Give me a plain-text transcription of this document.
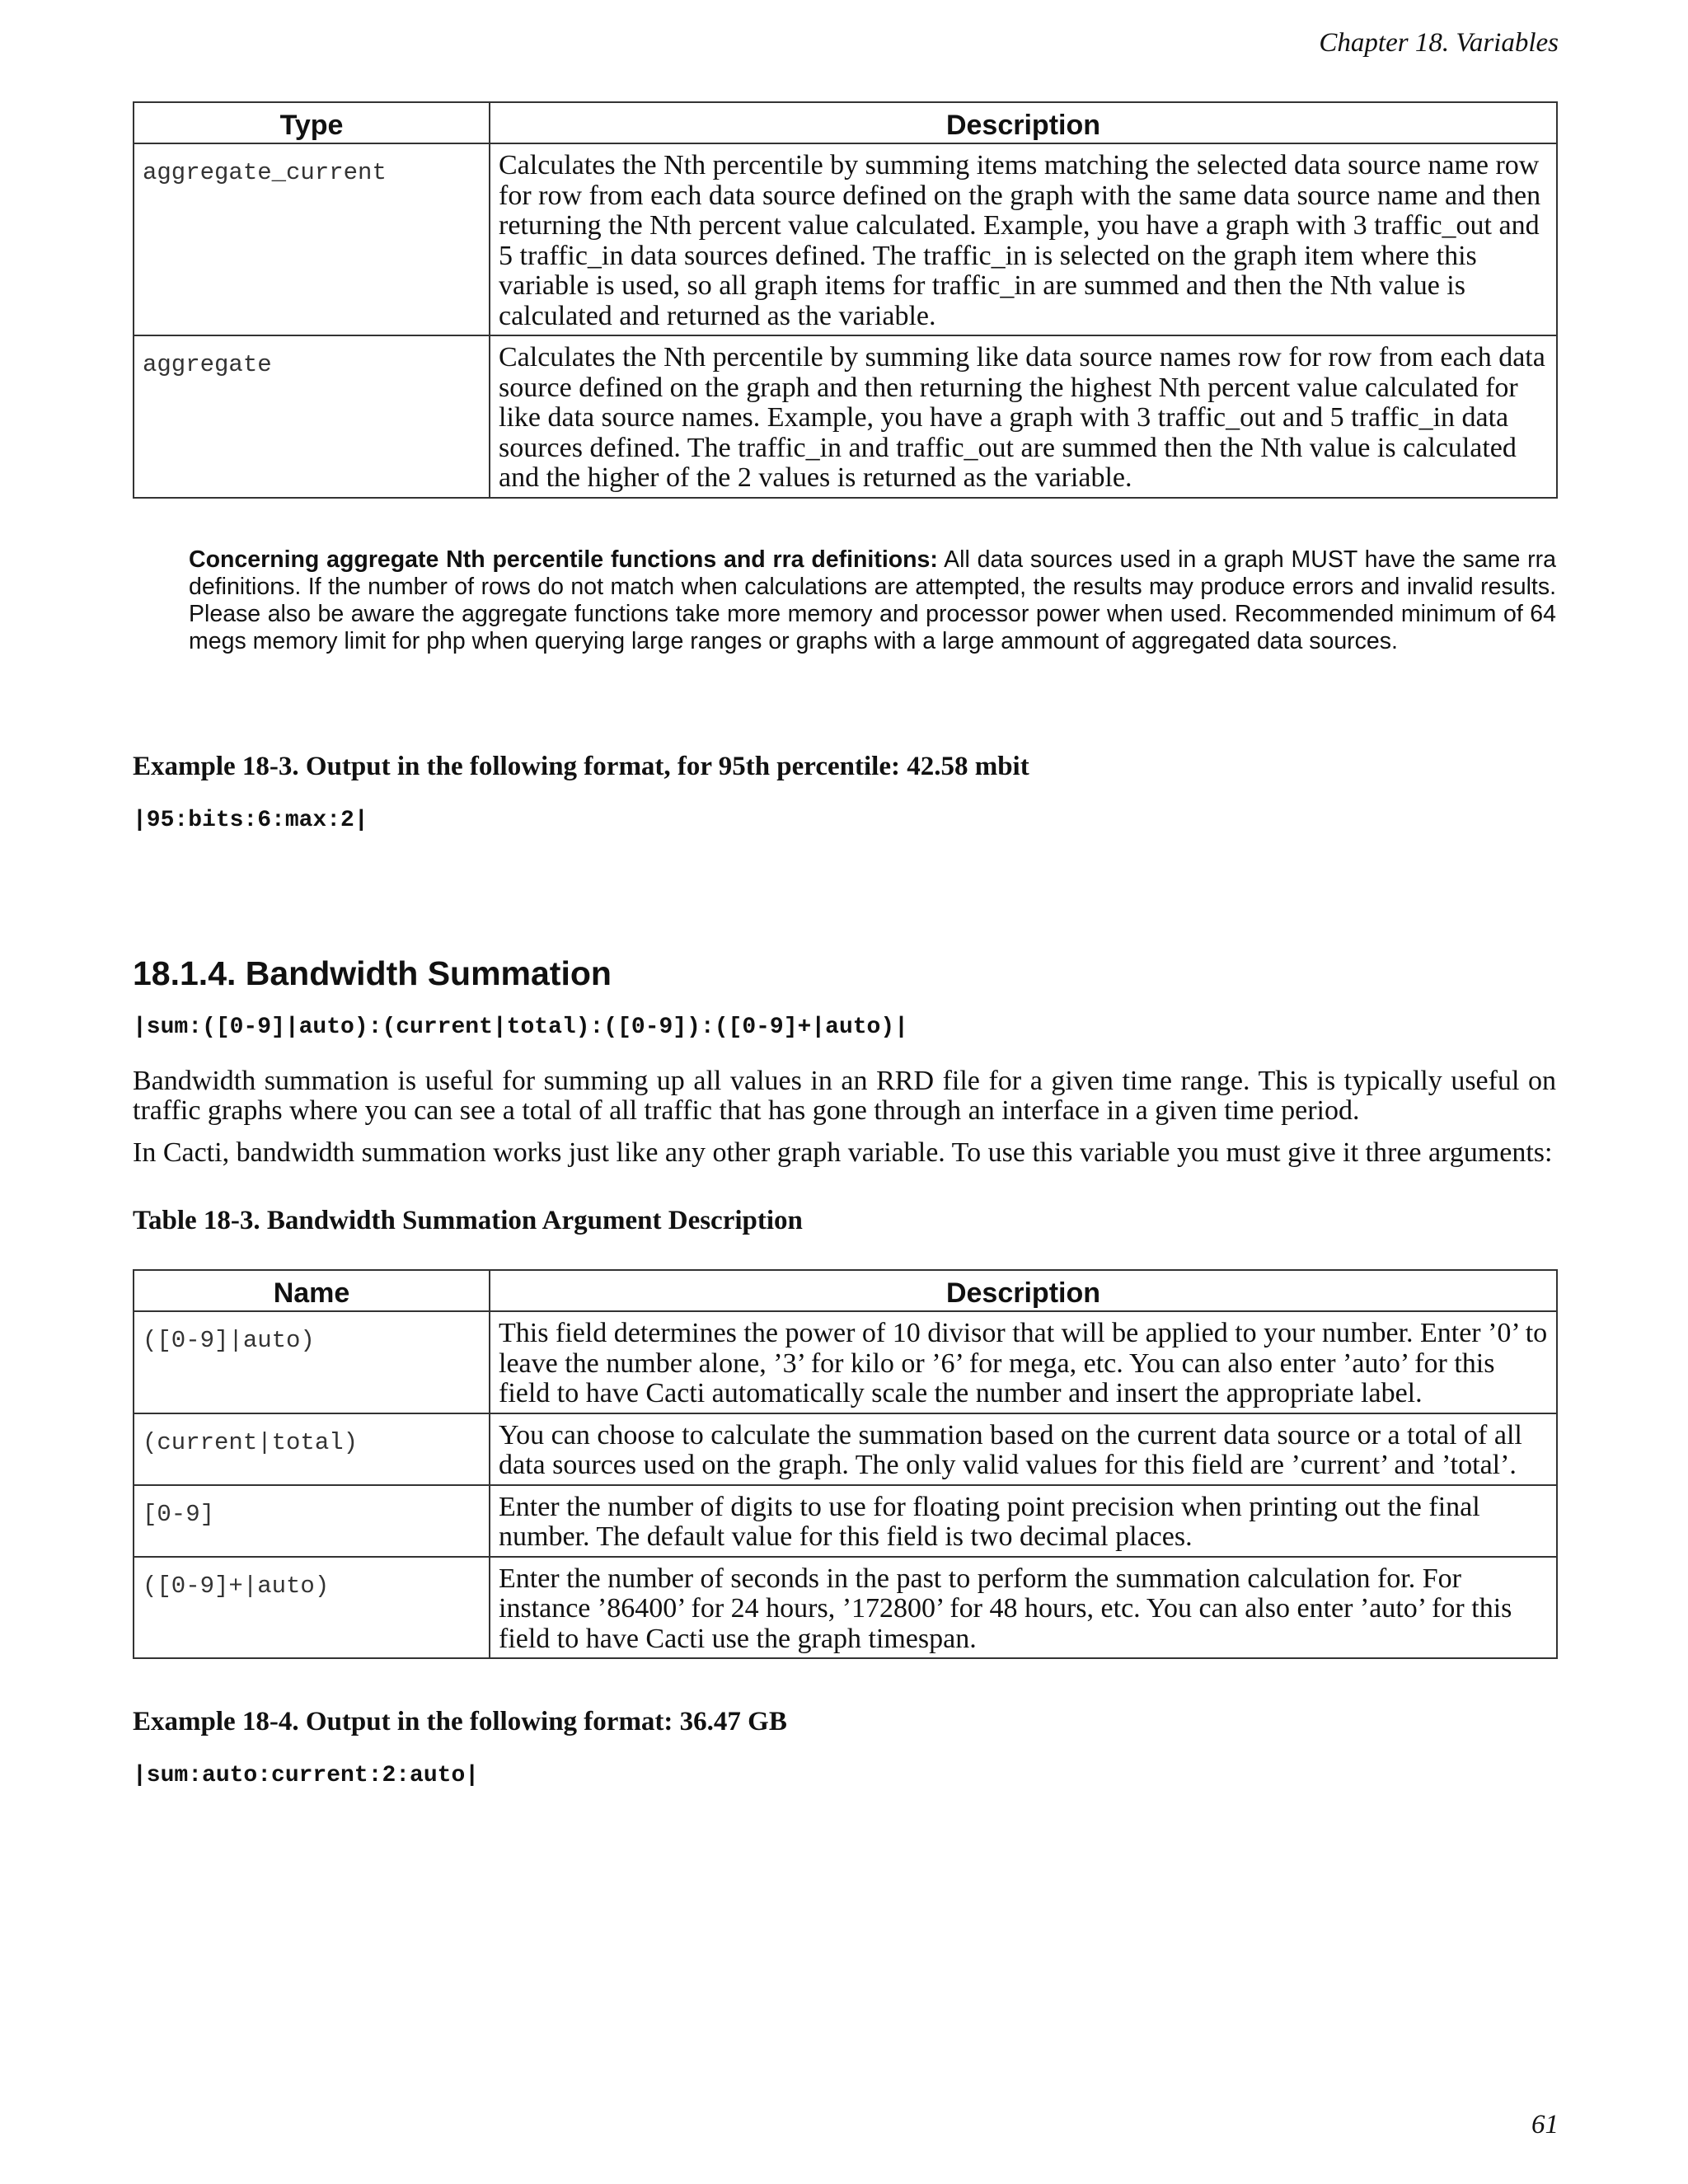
Chapter 18. Variables
Type	Description
aggregate_current	Calculates the Nth percentile by summing items matching the selected data source name row for row from each data source defined on the graph with the same data source name and then returning the Nth percent value calculated. Example, you have a graph with 3 traffic_out and 5 traffic_in data sources defined. The traffic_in is selected on the graph item where this variable is used, so all graph items for traffic_in are summed and then the Nth value is calculated and returned as the variable.
aggregate	Calculates the Nth percentile by summing like data source names row for row from each data source defined on the graph and then returning the highest Nth percent value calculated for like data source names. Example, you have a graph with 3 traffic_out and 5 traffic_in data sources defined. The traffic_in and traffic_out are summed then the Nth value is calculated and the higher of the 2 values is returned as the variable.
Concerning aggregate Nth percentile functions and rra definitions: All data sources used in a graph MUST have the same rra definitions. If the number of rows do not match when calculations are attempted, the results may produce errors and invalid results. Please also be aware the aggregate functions take more memory and processor power when used. Recommended minimum of 64 megs memory limit for php when querying large ranges or graphs with a large ammount of aggregated data sources.
Example 18-3. Output in the following format, for 95th percentile: 42.58 mbit
|95:bits:6:max:2|
18.1.4. Bandwidth Summation
|sum:([0-9]|auto):(current|total):([0-9]):([0-9]+|auto)|
Bandwidth summation is useful for summing up all values in an RRD file for a given time range. This is typically useful on traffic graphs where you can see a total of all traffic that has gone through an interface in a given time period.
In Cacti, bandwidth summation works just like any other graph variable. To use this variable you must give it three arguments:
Table 18-3. Bandwidth Summation Argument Description
Name	Description
([0-9]|auto)	This field determines the power of 10 divisor that will be applied to your number. Enter ’0’ to leave the number alone, ’3’ for kilo or ’6’ for mega, etc. You can also enter ’auto’ for this field to have Cacti automatically scale the number and insert the appropriate label.
(current|total)	You can choose to calculate the summation based on the current data source or a total of all data sources used on the graph. The only valid values for this field are ’current’ and ’total’.
[0-9]	Enter the number of digits to use for floating point precision when printing out the final number. The default value for this field is two decimal places.
([0-9]+|auto)	Enter the number of seconds in the past to perform the summation calculation for. For instance ’86400’ for 24 hours, ’172800’ for 48 hours, etc. You can also enter ’auto’ for this field to have Cacti use the graph timespan.
Example 18-4. Output in the following format: 36.47 GB
|sum:auto:current:2:auto|
61
